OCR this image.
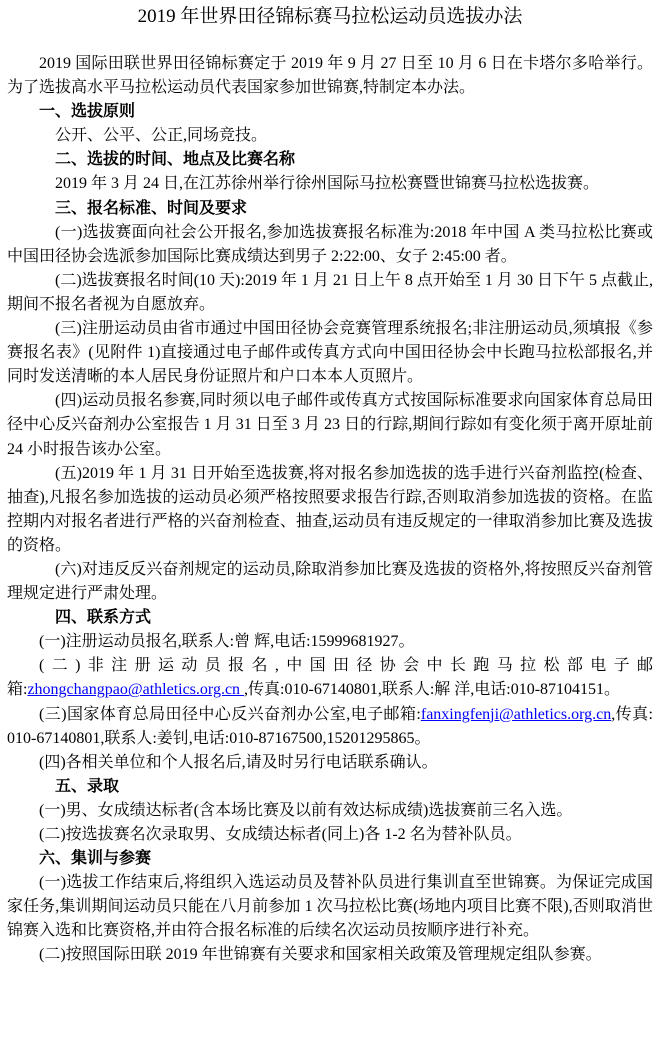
2019 年世界田径锦标赛马拉松运动员选拔办法

2019 国际田联世界田径锦标赛定于 2019 年 9 月 27 日至 10 月 6 日在卡塔尔多哈举行。为了选拔高水平马拉松运动员代表国家参加世锦赛,特制定本办法。

一、选拔原则

公开、公平、公正,同场竞技。

二、选拔的时间、地点及比赛名称

2019 年 3 月 24 日,在江苏徐州举行徐州国际马拉松赛暨世锦赛马拉松选拔赛。

三、报名标准、时间及要求

(一)选拔赛面向社会公开报名,参加选拔赛报名标准为:2018 年中国 A 类马拉松比赛或中国田径协会选派参加国际比赛成绩达到男子 2:22:00、女子 2:45:00 者。

(二)选拔赛报名时间(10 天):2019 年 1 月 21 日上午 8 点开始至 1 月 30 日下午 5 点截止,期间不报名者视为自愿放弃。

(三)注册运动员由省市通过中国田径协会竞赛管理系统报名;非注册运动员,须填报《参赛报名表》(见附件 1)直接通过电子邮件或传真方式向中国田径协会中长跑马拉松部报名,并同时发送清晰的本人居民身份证照片和户口本本人页照片。

(四)运动员报名参赛,同时须以电子邮件或传真方式按国际标准要求向国家体育总局田径中心反兴奋剂办公室报告 1 月 31 日至 3 月 23 日的行踪,期间行踪如有变化须于离开原址前 24 小时报告该办公室。

(五)2019 年 1 月 31 日开始至选拔赛,将对报名参加选拔的选手进行兴奋剂监控(检查、抽查),凡报名参加选拔的运动员必须严格按照要求报告行踪,否则取消参加选拔的资格。在监控期内对报名者进行严格的兴奋剂检查、抽查,运动员有违反规定的一律取消参加比赛及选拔的资格。

(六)对违反反兴奋剂规定的运动员,除取消参加比赛及选拔的资格外,将按照反兴奋剂管理规定进行严肃处理。

四、联系方式

(一)注册运动员报名,联系人:曾 辉,电话:15999681927。

(二)非注册运动员报名,中国田径协会中长跑马拉松部电子邮箱:zhongchangpao@athletics.org.cn ,传真:010-67140801,联系人:解 洋,电话:010-87104151。

(三)国家体育总局田径中心反兴奋剂办公室,电子邮箱:fanxingfenji@athletics.org.cn,传真: 010-67140801,联系人:姜钊,电话:010-87167500,15201295865。

(四)各相关单位和个人报名后,请及时另行电话联系确认。

五、录取

(一)男、女成绩达标者(含本场比赛及以前有效达标成绩)选拔赛前三名入选。

(二)按选拔赛名次录取男、女成绩达标者(同上)各 1-2 名为替补队员。

六、集训与参赛

(一)选拔工作结束后,将组织入选运动员及替补队员进行集训直至世锦赛。为保证完成国家任务,集训期间运动员只能在八月前参加 1 次马拉松比赛(场地内项目比赛不限),否则取消世锦赛入选和比赛资格,并由符合报名标准的后续名次运动员按顺序进行补充。

(二)按照国际田联 2019 年世锦赛有关要求和国家相关政策及管理规定组队参赛。
